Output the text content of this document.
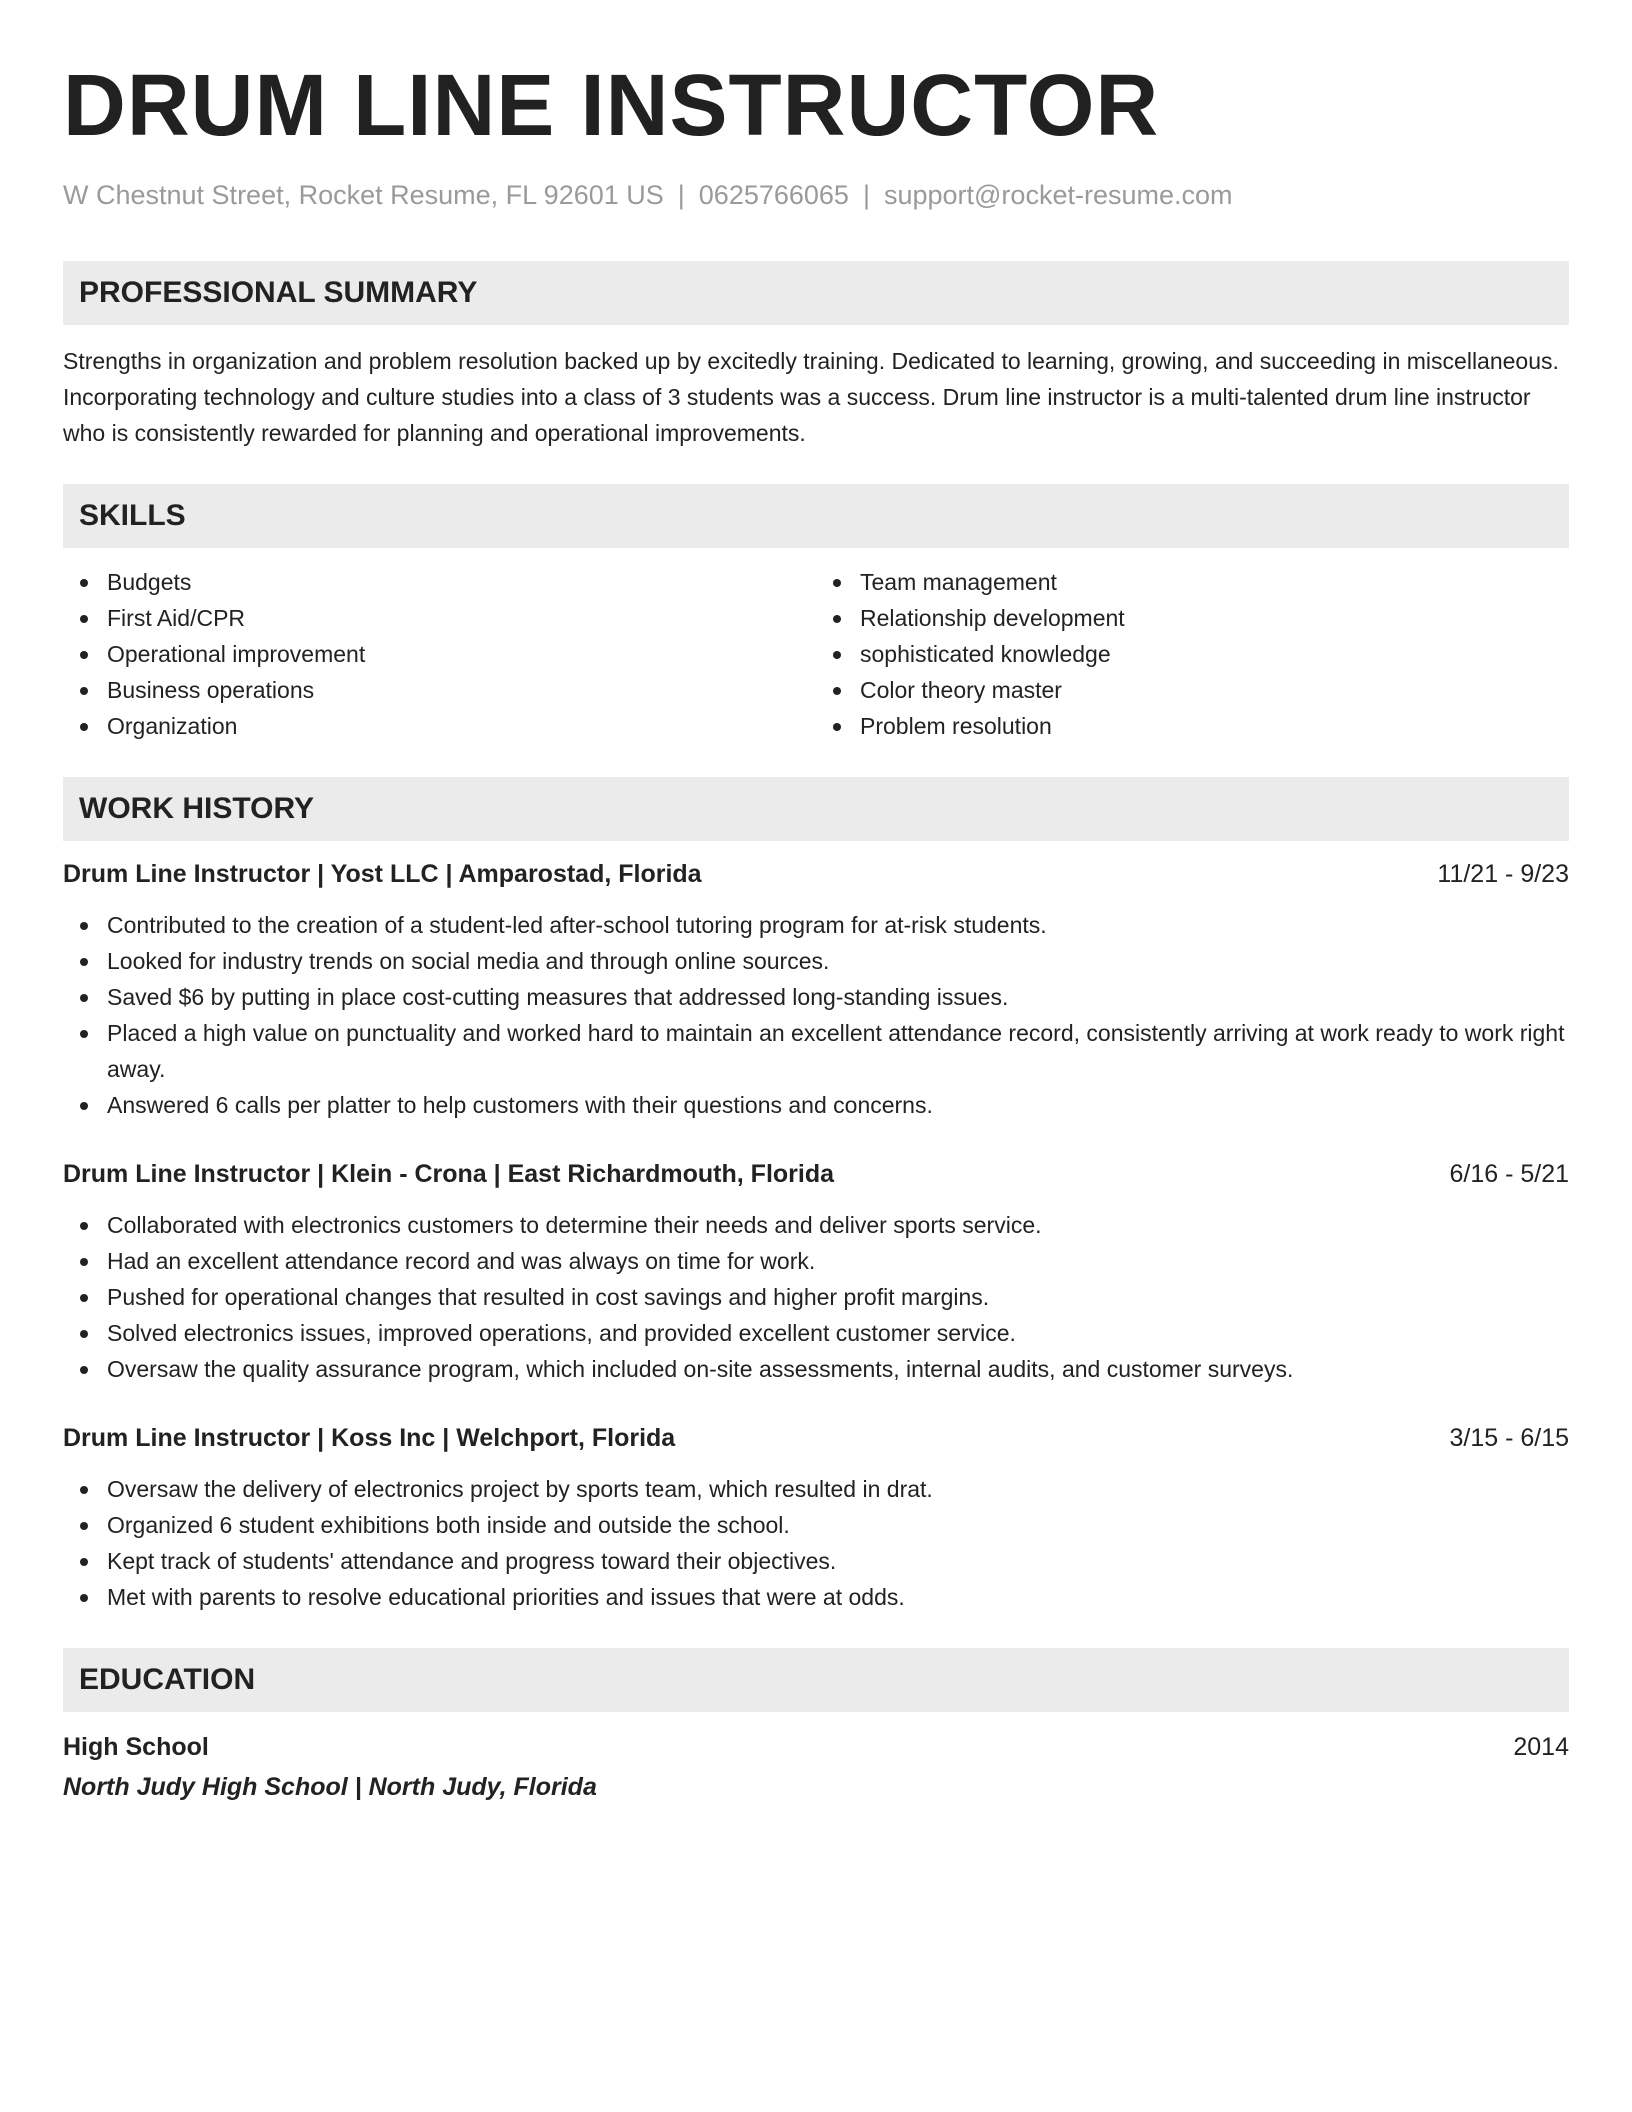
DRUM LINE INSTRUCTOR
W Chestnut Street, Rocket Resume, FL 92601 US | 0625766065 | support@rocket-resume.com
PROFESSIONAL SUMMARY

Strengths in organization and problem resolution backed up by excitedly training. Dedicated to learning, growing, and succeeding in miscellaneous. Incorporating technology and culture studies into a class of 3 students was a success. Drum line instructor is a multi-talented drum line instructor who is consistently rewarded for planning and operational improvements.

SKILLS
Budgets
First Aid/CPR
Operational improvement
Business operations
Organization
Team management
Relationship development
sophisticated knowledge
Color theory master
Problem resolution
WORK HISTORY
Drum Line Instructor | Yost LLC | Amparostad, Florida	11/21 - 9/23
Contributed to the creation of a student-led after-school tutoring program for at-risk students.
Looked for industry trends on social media and through online sources.
Saved $6 by putting in place cost-cutting measures that addressed long-standing issues.
Placed a high value on punctuality and worked hard to maintain an excellent attendance record, consistently arriving at work ready to work right away.
Answered 6 calls per platter to help customers with their questions and concerns.
Drum Line Instructor | Klein - Crona | East Richardmouth, Florida	6/16 - 5/21
Collaborated with electronics customers to determine their needs and deliver sports service.
Had an excellent attendance record and was always on time for work.
Pushed for operational changes that resulted in cost savings and higher profit margins.
Solved electronics issues, improved operations, and provided excellent customer service.
Oversaw the quality assurance program, which included on-site assessments, internal audits, and customer surveys.
Drum Line Instructor | Koss Inc | Welchport, Florida	3/15 - 6/15
Oversaw the delivery of electronics project by sports team, which resulted in drat.
Organized 6 student exhibitions both inside and outside the school.
Kept track of students' attendance and progress toward their objectives.
Met with parents to resolve educational priorities and issues that were at odds.
EDUCATION
High School	2014
North Judy High School | North Judy, Florida
